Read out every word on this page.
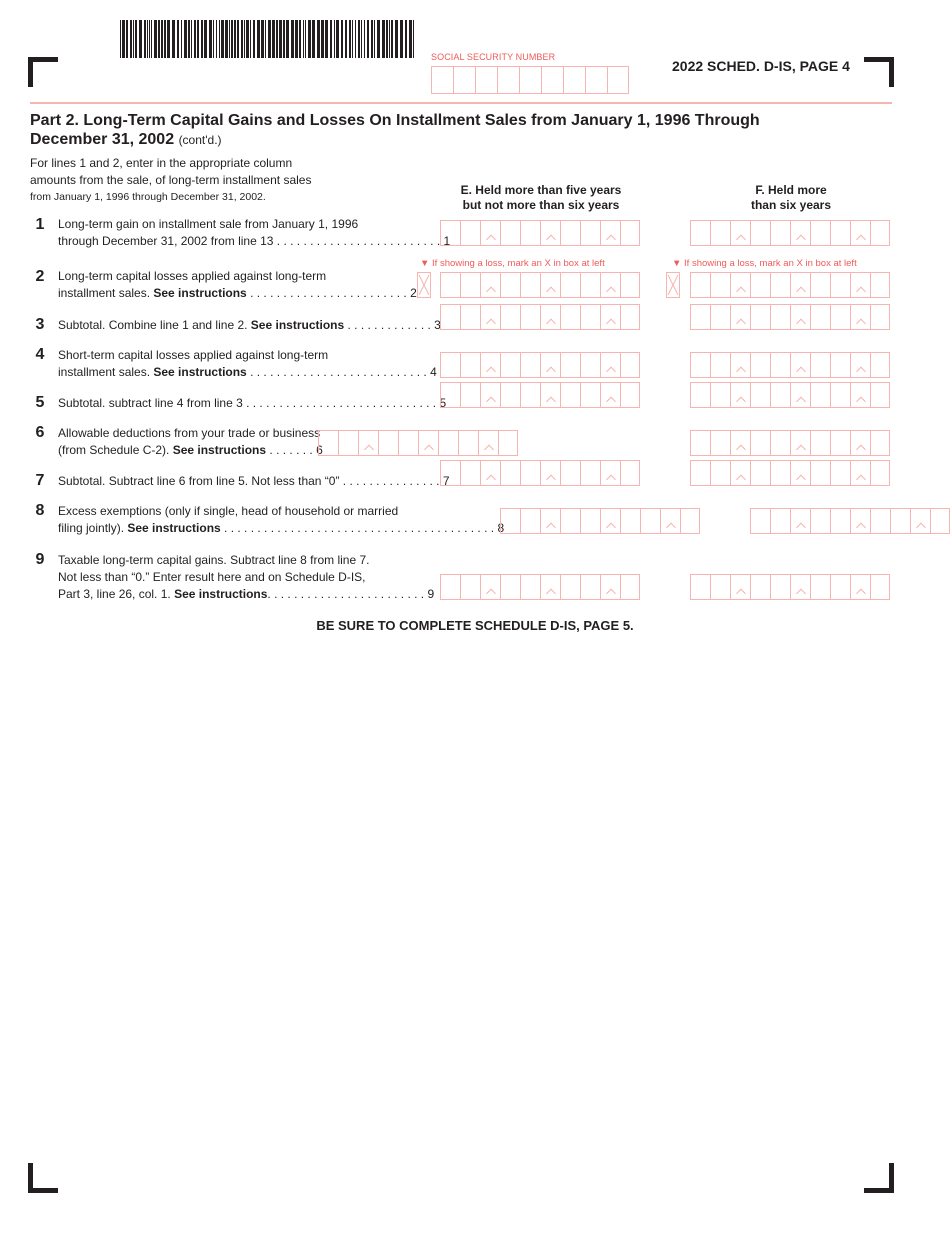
SOCIAL SECURITY NUMBER
2022 SCHED. D-IS, PAGE 4
Part 2. Long-Term Capital Gains and Losses On Installment Sales from January 1, 1996 Through December 31, 2002 (cont'd.)
For lines 1 and 2, enter in the appropriate column
amounts from the sale, of long-term installment sales
from January 1, 1996 through December 31, 2002.	E. Held more than five years
but not more than six years
F. Held more
than six years
1	Long-term gain on installment sale from January 1, 1996
through December 31, 2002 from line 13 . . . . . . . . . . . . . . . . . . . . . . . . . 1
▼ If showing a loss, mark an X in box at left	▼ If showing a loss, mark an X in box at left
2	Long-term capital losses applied against long-term
installment sales. See instructions . . . . . . . . . . . . . . . . . . . . . . . . 2
3	Subtotal. Combine line 1 and line 2. See instructions . . . . . . . . . . . . . 3
4	Short-term capital losses applied against long-term
installment sales. See instructions . . . . . . . . . . . . . . . . . . . . . . . . . . . 4
5	Subtotal. subtract line 4 from line 3 . . . . . . . . . . . . . . . . . . . . . . . . . . . . . 5
6	Allowable deductions from your trade or business
(from Schedule C-2). See instructions . . . . . . . 6
7	Subtotal. Subtract line 6 from line 5. Not less than “0” . . . . . . . . . . . . . . . 7
8	Excess exemptions (only if single, head of household or married
filing jointly). See instructions . . . . . . . . . . . . . . . . . . . . . . . . . . . . . . . . . . . . . . . . . 8
9	Taxable long-term capital gains. Subtract line 8 from line 7.
Not less than “0.” Enter result here and on Schedule D-IS,
Part 3, line 26, col. 1. See instructions. . . . . . . . . . . . . . . . . . . . . . . . 9
BE SURE TO COMPLETE SCHEDULE D-IS, PAGE 5.
